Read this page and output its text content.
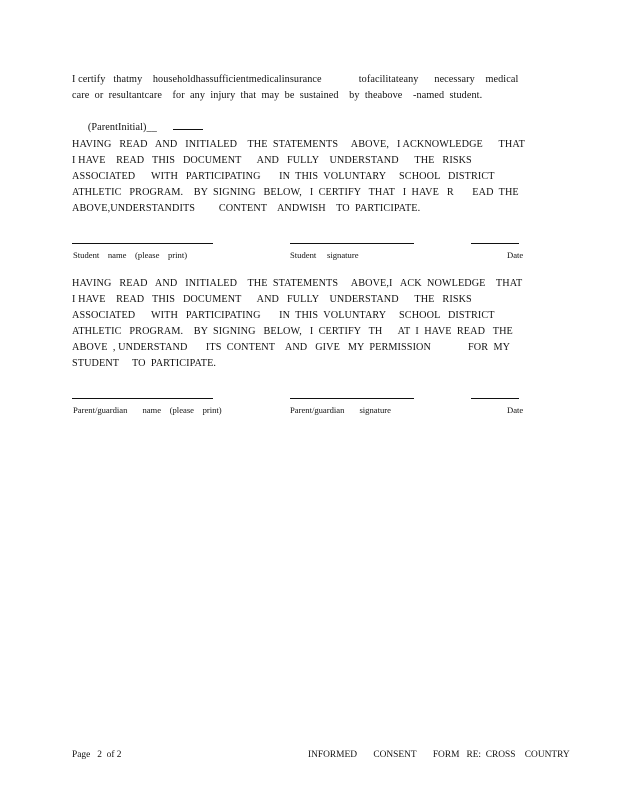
I certify   thatmy    householdhassufficientmedicalinsurance              tofacilitateany      necessary    medical
care  or  resultantcare    for  any  injury  that  may  be  sustained    by  theabove    -named  student.

(ParentInitial)__

HAVING   READ   AND   INITIALED    THE  STATEMENTS     ABOVE,   I ACKNOWLEDGE      THAT
I HAVE    READ   THIS   DOCUMENT      AND   FULLY    UNDERSTAND      THE   RISKS
ASSOCIATED      WITH   PARTICIPATING       IN  THIS  VOLUNTARY     SCHOOL   DISTRICT
ATHLETIC   PROGRAM.    BY  SIGNING   BELOW,   I  CERTIFY   THAT   I  HAVE   R       EAD  THE
ABOVE,UNDERSTANDITS         CONTENT    ANDWISH    TO  PARTICIPATE.
Student    name    (please    print)	Student     signature	Date
HAVING   READ   AND   INITIALED    THE  STATEMENTS     ABOVE,I   ACK  NOWLEDGE    THAT
I HAVE    READ   THIS   DOCUMENT      AND   FULLY    UNDERSTAND      THE   RISKS
ASSOCIATED      WITH   PARTICIPATING       IN  THIS  VOLUNTARY     SCHOOL   DISTRICT
ATHLETIC   PROGRAM.    BY  SIGNING   BELOW,   I  CERTIFY   TH      AT  I  HAVE  READ   THE
ABOVE  , UNDERSTAND       ITS  CONTENT    AND   GIVE   MY  PERMISSION              FOR  MY
STUDENT     TO  PARTICIPATE.
Parent/guardian       name    (please    print)	Parent/guardian       signature	Date
Page   2  of 2	INFORMED       CONSENT       FORM   RE:  CROSS    COUNTRY
